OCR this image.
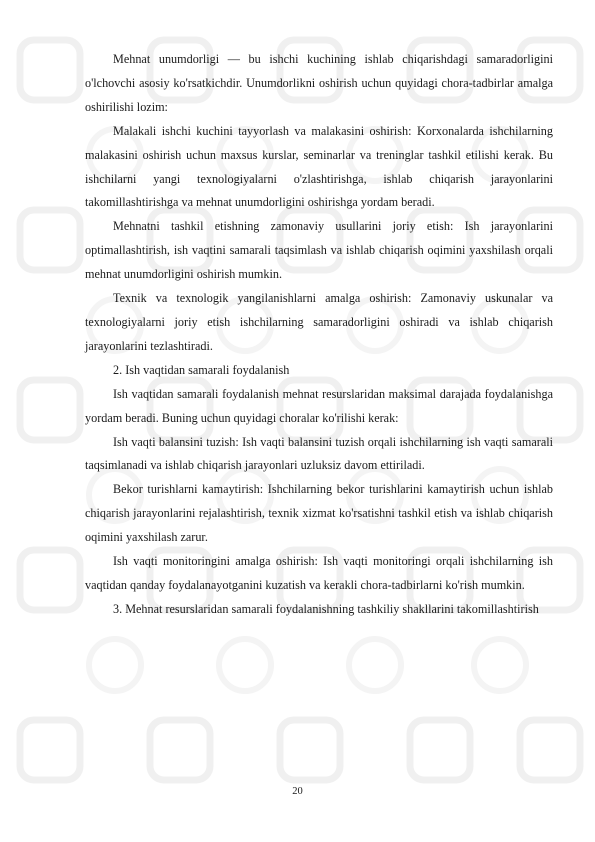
Mehnat unumdorligi — bu ishchi kuchining ishlab chiqarishdagi samaradorligini o'lchovchi asosiy ko'rsatkichdir. Unumdorlikni oshirish uchun quyidagi chora-tadbirlar amalga oshirilishi lozim:

Malakali ishchi kuchini tayyorlash va malakasini oshirish: Korxonalarda ishchilarning malakasini oshirish uchun maxsus kurslar, seminarlar va treninglar tashkil etilishi kerak. Bu ishchilarni yangi texnologiyalarni o'zlashtirishga, ishlab chiqarish jarayonlarini takomillashtirishga va mehnat unumdorligini oshirishga yordam beradi.

Mehnatni tashkil etishning zamonaviy usullarini joriy etish: Ish jarayonlarini optimallashtirish, ish vaqtini samarali taqsimlash va ishlab chiqarish oqimini yaxshilash orqali mehnat unumdorligini oshirish mumkin.

Texnik va texnologik yangilanishlarni amalga oshirish: Zamonaviy uskunalar va texnologiyalarni joriy etish ishchilarning samaradorligini oshiradi va ishlab chiqarish jarayonlarini tezlashtiradi.

2. Ish vaqtidan samarali foydalanish

Ish vaqtidan samarali foydalanish mehnat resurslaridan maksimal darajada foydalanishga yordam beradi. Buning uchun quyidagi choralar ko'rilishi kerak:

Ish vaqti balansini tuzish: Ish vaqti balansini tuzish orqali ishchilarning ish vaqti samarali taqsimlanadi va ishlab chiqarish jarayonlari uzluksiz davom ettiriladi.

Bekor turishlarni kamaytirish: Ishchilarning bekor turishlarini kamaytirish uchun ishlab chiqarish jarayonlarini rejalashtirish, texnik xizmat ko'rsatishni tashkil etish va ishlab chiqarish oqimini yaxshilash zarur.

Ish vaqti monitoringini amalga oshirish: Ish vaqti monitoringi orqali ishchilarning ish vaqtidan qanday foydalanayotganini kuzatish va kerakli chora-tadbirlarni ko'rish mumkin.

3. Mehnat resurslaridan samarali foydalanishning tashkiliy shakllarini takomillashtirish

20
